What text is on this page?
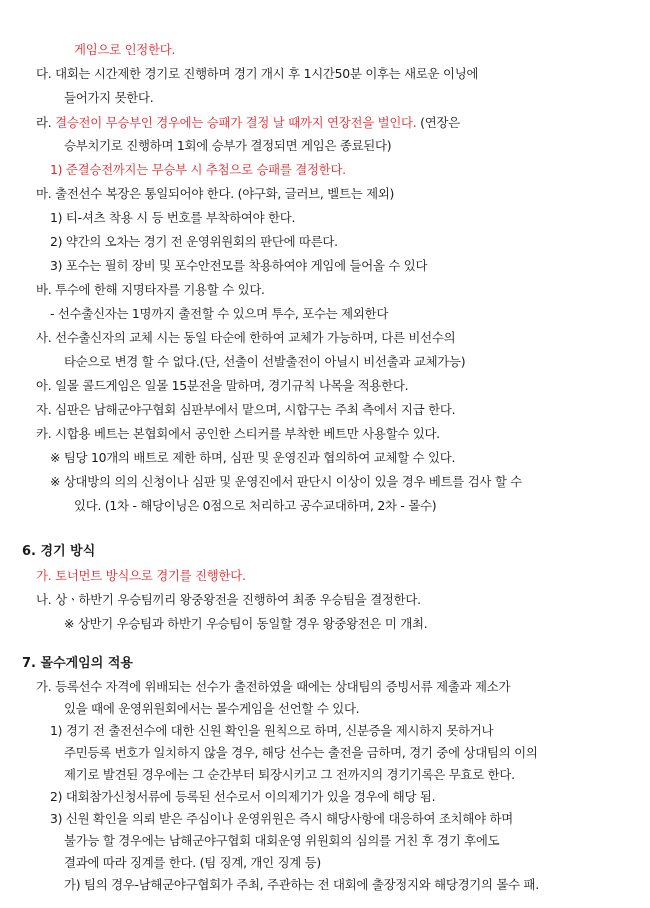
게임으로 인정한다.
다. 대회는 시간제한 경기로 진행하며 경기 개시 후 1시간50분 이후는 새로운 이닝에
들어가지 못한다.
라. 결승전이 무승부인 경우에는 승패가 결정 날 때까지 연장전을 벌인다. (연장은
승부치기로 진행하며 1회에 승부가 결정되면 게임은 종료된다)
1) 준결승전까지는 무승부 시 추첨으로 승패를 결정한다.
마. 출전선수 복장은 통일되어야 한다. (야구화, 글러브, 벨트는 제외)
1) 티-셔츠 착용 시 등 번호를 부착하여야 한다.
2) 약간의 오차는 경기 전 운영위원회의 판단에 따른다.
3) 포수는 필히 장비 및 포수안전모를 착용하여야 게임에 들어올 수 있다
바. 투수에 한해 지명타자를 기용할 수 있다.
- 선수출신자는 1명까지 출전할 수 있으며 투수, 포수는 제외한다
사. 선수출신자의 교체 시는 동일 타순에 한하여 교체가 가능하며, 다른 비선수의
타순으로 변경 할 수 없다.(단, 선출이 선발출전이 아닐시 비선출과 교체가능)
아. 일몰 콜드게임은 일몰 15분전을 말하며, 경기규칙 나목을 적용한다.
자. 심판은 남해군야구협회 심판부에서 맡으며, 시합구는 주최 측에서 지급 한다.
카. 시합용 베트는 본협회에서 공인한 스티커를 부착한 베트만 사용할수 있다.
※ 팀당 10개의 배트로 제한 하며, 심판 및 운영진과 협의하여 교체할 수 있다.
※ 상대방의 의의 신청이나 심판 및 운영진에서 판단시 이상이 있을 경우 베트를 검사 할 수
있다. (1차 - 해당이닝은 0점으로 처리하고 공수교대하며, 2차 - 몰수)
6. 경기 방식
가. 토너먼트 방식으로 경기를 진행한다.
나. 상ㆍ하반기 우승팀끼리 왕중왕전을 진행하여 최종 우승팀을 결정한다.
※ 상반기 우승팀과 하반기 우승팀이 동일할 경우 왕중왕전은 미 개최.
7. 몰수게임의 적용
가. 등록선수 자격에 위배되는 선수가 출전하였을 때에는 상대팀의 증빙서류 제출과 제소가
있을 때에 운영위원회에서는 몰수게임을 선언할 수 있다.
1) 경기 전 출전선수에 대한 신원 확인을 원칙으로 하며, 신분증을 제시하지 못하거나
주민등록 번호가 일치하지 않을 경우, 해당 선수는 출전을 금하며, 경기 중에 상대팀의 이의
제기로 발견된 경우에는 그 순간부터 퇴장시키고 그 전까지의 경기기록은 무효로 한다.
2) 대회참가신청서류에 등록된 선수로서 이의제기가 있을 경우에 해당 됨.
3) 신원 확인을 의뢰 받은 주심이나 운영위원은 즉시 해당사항에 대응하여 조치해야 하며
불가능 할 경우에는 남해군야구협회 대회운영 위원회의 심의를 거친 후 경기 후에도
결과에 따라 징계를 한다. (팀 징계, 개인 징계 등)
가) 팀의 경우-남해군야구협회가 주최, 주관하는 전 대회에 출장정지와 해당경기의 몰수 패.
